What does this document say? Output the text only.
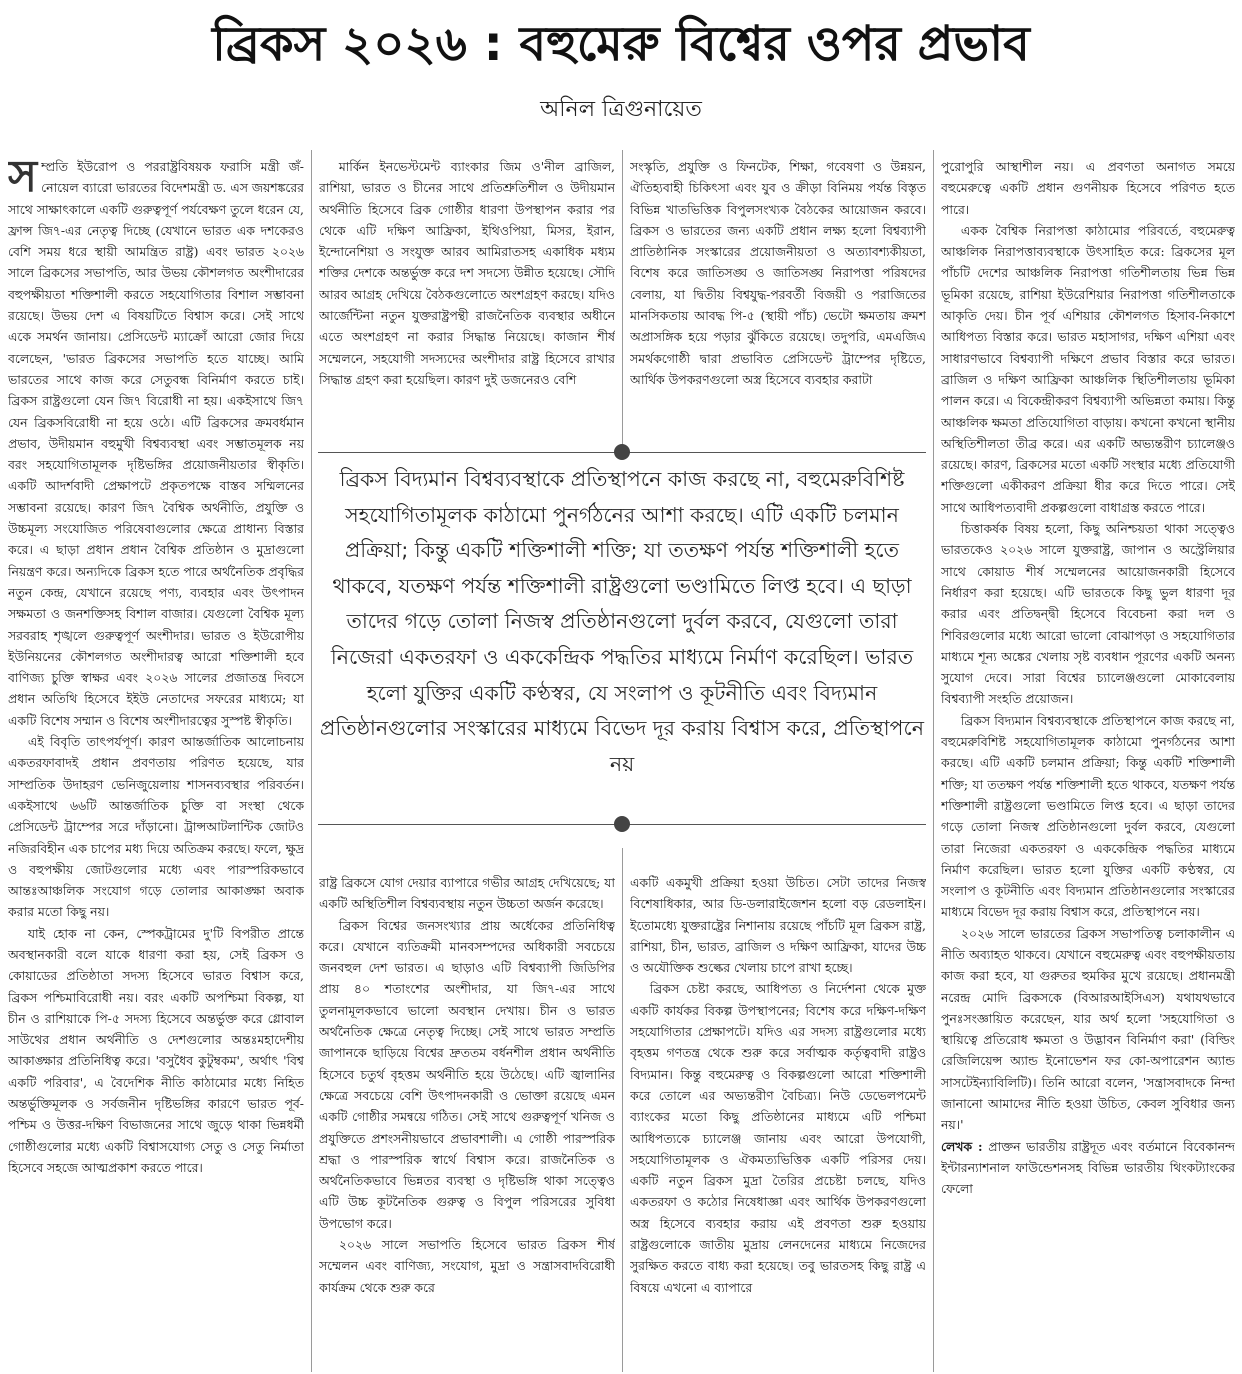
ব্রিকস ২০২৬ : বহুমেরু বিশ্বের ওপর প্রভাব
অনিল ত্রিগুনায়েত

সম্প্রতি ইউরোপ ও পররাষ্ট্রবিষয়ক ফরাসি মন্ত্রী জঁ- নোয়েল ব্যারো ভারতের বিদেশমন্ত্রী ড. এস জয়শঙ্করের সাথে সাক্ষাৎকালে একটি গুরুত্বপূর্ণ পর্যবেক্ষণ তুলে ধরেন যে, ফ্রান্স জি৭-এর নেতৃত্ব দিচ্ছে (যেখানে ভারত এক দশকেরও বেশি সময় ধরে স্থায়ী আমন্ত্রিত রাষ্ট্র) এবং ভারত ২০২৬ সালে ব্রিকসের সভাপতি, আর উভয় কৌশলগত অংশীদারের বহুপক্ষীয়তা শক্তিশালী করতে সহযোগিতার বিশাল সম্ভাবনা রয়েছে। উভয় দেশ এ বিষয়টিতে বিশ্বাস করে। সেই সাথে একে সমর্থন জানায়। প্রেসিডেন্ট ম্যাক্রোঁ আরো জোর দিয়ে বলেছেন, 'ভারত ব্রিকসের সভাপতি হতে যাচ্ছে। আমি ভারতের সাথে কাজ করে সেতুবন্ধ বিনির্মাণ করতে চাই। ব্রিকস রাষ্ট্রগুলো যেন জি৭ বিরোধী না হয়। একইসাথে জি৭ যেন ব্রিকসবিরোধী না হয়ে ওঠে। এটি ব্রিকসের ক্রমবর্ধমান প্রভাব, উদীয়মান বহুমুখী বিশ্বব্যবস্থা এবং সম্ভাতমূলক নয় বরং সহযোগিতামূলক দৃষ্টিভঙ্গির প্রয়োজনীয়তার স্বীকৃতি। একটি আদর্শবাদী প্রেক্ষাপটে প্রকৃতপক্ষে বাস্তব সম্মিলনের সম্ভাবনা রয়েছে। কারণ জি৭ বৈশ্বিক অর্থনীতি, প্রযুক্তি ও উচ্চমূল্য সংযোজিত পরিষেবাগুলোর ক্ষেত্রে প্রাধান্য বিস্তার করে। এ ছাড়া প্রধান প্রধান বৈশ্বিক প্রতিষ্ঠান ও মুদ্রাগুলো নিয়ন্ত্রণ করে। অন্যদিকে ব্রিকস হতে পারে অর্থনৈতিক প্রবৃদ্ধির নতুন কেন্দ্র, যেখানে রয়েছে পণ্য, ব্যবহার এবং উৎপাদন সক্ষমতা ও জনশক্তিসহ বিশাল বাজার। যেগুলো বৈশ্বিক মূল্য সরবরাহ শৃঙ্খলে গুরুত্বপূর্ণ অংশীদার। ভারত ও ইউরোপীয় ইউনিয়নের কৌশলগত অংশীদারত্ব আরো শক্তিশালী হবে বাণিজ্য চুক্তি স্বাক্ষর এবং ২০২৬ সালের প্রজাতন্ত্র দিবসে প্রধান অতিথি হিসেবে ইইউ নেতাদের সফরের মাধ্যমে; যা একটি বিশেষ সম্মান ও বিশেষ অংশীদারত্বের সুস্পষ্ট স্বীকৃতি।

এই বিবৃতি তাৎপর্যপূর্ণ। কারণ আন্তর্জাতিক আলোচনায় একতরফাবাদই প্রধান প্রবণতায় পরিণত হয়েছে, যার সাম্প্রতিক উদাহরণ ভেনিজুয়েলায় শাসনব্যবস্থার পরিবর্তন। একইসাথে ৬৬টি আন্তর্জাতিক চুক্তি বা সংস্থা থেকে প্রেসিডেন্ট ট্রাম্পের সরে দাঁড়ানো। ট্রান্সআটলান্টিক জোটও নজিরবিহীন এক চাপের মধ্য দিয়ে অতিক্রম করছে। ফলে, ক্ষুদ্র ও বহুপক্ষীয় জোটগুলোর মধ্যে এবং পারস্পরিকভাবে আন্তঃআঞ্চলিক সংযোগ গড়ে তোলার আকাঙ্ক্ষা অবাক করার মতো কিছু নয়।

যাই হোক না কেন, স্পেকট্রামের দু'টি বিপরীত প্রান্তে অবস্থানকারী বলে যাকে ধারণা করা হয়, সেই ব্রিকস ও কোয়াডের প্রতিষ্ঠাতা সদস্য হিসেবে ভারত বিশ্বাস করে, ব্রিকস পশ্চিমাবিরোধী নয়। বরং একটি অপশ্চিমা বিকল্প, যা চীন ও রাশিয়াকে পি-৫ সদস্য হিসেবে অন্তর্ভুক্ত করে গ্লোবাল সাউথের প্রধান অর্থনীতি ও দেশগুলোর অন্তঃমহাদেশীয় আকাঙ্ক্ষার প্রতিনিধিত্ব করে। 'বসুধৈব কুটুম্বকম', অর্থাৎ 'বিশ্ব একটি পরিবার', এ বৈদেশিক নীতি কাঠামোর মধ্যে নিহিত অন্তর্ভুক্তিমূলক ও সর্বজনীন দৃষ্টিভঙ্গির কারণে ভারত পূর্ব-পশ্চিম ও উত্তর-দক্ষিণ বিভাজনের সাথে জুড়ে থাকা ভিন্নধর্মী গোষ্ঠীগুলোর মধ্যে একটি বিশ্বাসযোগ্য সেতু ও সেতু নির্মাতা হিসেবে সহজে আত্মপ্রকাশ করতে পারে।

মার্কিন ইনভেস্টমেন্ট ব্যাংকার জিম ও'নীল ব্রাজিল, রাশিয়া, ভারত ও চীনের সাথে প্রতিশ্রুতিশীল ও উদীয়মান অর্থনীতি হিসেবে ব্রিক গোষ্ঠীর ধারণা উপস্থাপন করার পর থেকে এটি দক্ষিণ আফ্রিকা, ইথিওপিয়া, মিসর, ইরান, ইন্দোনেশিয়া ও সংযুক্ত আরব আমিরাতসহ একাধিক মধ্যম শক্তির দেশকে অন্তর্ভুক্ত করে দশ সদস্যে উন্নীত হয়েছে। সৌদি আরব আগ্রহ দেখিয়ে বৈঠকগুলোতে অংশগ্রহণ করছে। যদিও আর্জেন্টিনা নতুন যুক্তরাষ্ট্রপন্থী রাজনৈতিক ব্যবস্থার অধীনে এতে অংশগ্রহণ না করার সিদ্ধান্ত নিয়েছে। কাজান শীর্ষ সম্মেলনে, সহযোগী সদস্যদের অংশীদার রাষ্ট্র হিসেবে রাখার সিদ্ধান্ত গ্রহণ করা হয়েছিল। কারণ দুই ডজনেরও বেশি

সংস্কৃতি, প্রযুক্তি ও ফিনটেক, শিক্ষা, গবেষণা ও উন্নয়ন, ঐতিহ্যবাহী চিকিৎসা এবং যুব ও ক্রীড়া বিনিময় পর্যন্ত বিস্তৃত বিভিন্ন খাতভিত্তিক বিপুলসংখ্যক বৈঠকের আয়োজন করবে। ব্রিকস ও ভারতের জন্য একটি প্রধান লক্ষ্য হলো বিশ্বব্যাপী প্রাতিষ্ঠানিক সংস্কারের প্রয়োজনীয়তা ও অত্যাবশ্যকীয়তা, বিশেষ করে জাতিসঙ্ঘ ও জাতিসঙ্ঘ নিরাপত্তা পরিষদের বেলায়, যা দ্বিতীয় বিশ্বযুদ্ধ-পরবর্তী বিজয়ী ও পরাজিতের মানসিকতায় আবদ্ধ পি-৫ (স্থায়ী পাঁচ) ভেটো ক্ষমতায় ক্রমশ অপ্রাসঙ্গিক হয়ে পড়ার ঝুঁকিতে রয়েছে। তদুপরি, এমএজিএ সমর্থকগোষ্ঠী দ্বারা প্রভাবিত প্রেসিডেন্ট ট্রাম্পের দৃষ্টিতে, আর্থিক উপকরণগুলো অস্ত্র হিসেবে ব্যবহার করাটা

ব্রিকস বিদ্যমান বিশ্বব্যবস্থাকে প্রতিস্থাপনে কাজ করছে না, বহুমেরুবিশিষ্ট সহযোগিতামূলক কাঠামো পুনর্গঠনের আশা করছে। এটি একটি চলমান প্রক্রিয়া; কিন্তু একটি শক্তিশালী শক্তি; যা ততক্ষণ পর্যন্ত শক্তিশালী হতে থাকবে, যতক্ষণ পর্যন্ত শক্তিশালী রাষ্ট্রগুলো ভণ্ডামিতে লিপ্ত হবে। এ ছাড়া তাদের গড়ে তোলা নিজস্ব প্রতিষ্ঠানগুলো দুর্বল করবে, যেগুলো তারা নিজেরা একতরফা ও এককেন্দ্রিক পদ্ধতির মাধ্যমে নির্মাণ করেছিল। ভারত হলো যুক্তির একটি কণ্ঠস্বর, যে সংলাপ ও কূটনীতি এবং বিদ্যমান প্রতিষ্ঠানগুলোর সংস্কারের মাধ্যমে বিভেদ দূর করায় বিশ্বাস করে, প্রতিস্থাপনে নয়

রাষ্ট্র ব্রিকসে যোগ দেয়ার ব্যাপারে গভীর আগ্রহ দেখিয়েছে; যা একটি অস্থিতিশীল বিশ্বব্যবস্থায় নতুন উচ্চতা অর্জন করেছে।

ব্রিকস বিশ্বের জনসংখ্যার প্রায় অর্ধেকের প্রতিনিধিত্ব করে। যেখানে ব্যতিক্রমী মানবসম্পদের অধিকারী সবচেয়ে জনবহুল দেশ ভারত। এ ছাড়াও এটি বিশ্বব্যাপী জিডিপির প্রায় ৪০ শতাংশের অংশীদার, যা জি৭-এর সাথে তুলনামূলকভাবে ভালো অবস্থান দেখায়। চীন ও ভারত অর্থনৈতিক ক্ষেত্রে নেতৃত্ব দিচ্ছে। সেই সাথে ভারত সম্প্রতি জাপানকে ছাড়িয়ে বিশ্বের দ্রুততম বর্ধনশীল প্রধান অর্থনীতি হিসেবে চতুর্থ বৃহত্তম অর্থনীতি হয়ে উঠেছে। এটি জ্বালানির ক্ষেত্রে সবচেয়ে বেশি উৎপাদনকারী ও ভোক্তা রয়েছে এমন একটি গোষ্ঠীর সমন্বয়ে গঠিত। সেই সাথে গুরুত্বপূর্ণ খনিজ ও প্রযুক্তিতে প্রশংসনীয়ভাবে প্রভাবশালী। এ গোষ্ঠী পারস্পরিক শ্রদ্ধা ও পারস্পরিক স্বার্থে বিশ্বাস করে। রাজনৈতিক ও অর্থনৈতিকভাবে ভিন্নতর ব্যবস্থা ও দৃষ্টিভঙ্গি থাকা সত্ত্বেও এটি উচ্চ কূটনৈতিক গুরুত্ব ও বিপুল পরিসরের সুবিধা উপভোগ করে।

২০২৬ সালে সভাপতি হিসেবে ভারত ব্রিকস শীর্ষ সম্মেলন এবং বাণিজ্য, সংযোগ, মুদ্রা ও সন্ত্রাসবাদবিরোধী কার্যক্রম থেকে শুরু করে

একটি একমুখী প্রক্রিয়া হওয়া উচিত। সেটা তাদের নিজস্ব বিশেষাধিকার, আর ডি-ডলারাইজেশন হলো বড় রেডলাইন। ইতোমধ্যে যুক্তরাষ্ট্রের নিশানায় রয়েছে পাঁচটি মূল ব্রিকস রাষ্ট্র, রাশিয়া, চীন, ভারত, ব্রাজিল ও দক্ষিণ আফ্রিকা, যাদের উচ্চ ও অযৌক্তিক শুল্কের খেলায় চাপে রাখা হচ্ছে।

ব্রিকস চেষ্টা করছে, আধিপত্য ও নির্দেশনা থেকে মুক্ত একটি কার্যকর বিকল্প উপস্থাপনের; বিশেষ করে দক্ষিণ-দক্ষিণ সহযোগিতার প্রেক্ষাপটে। যদিও এর সদস্য রাষ্ট্রগুলোর মধ্যে বৃহত্তম গণতন্ত্র থেকে শুরু করে সর্বাত্মক কর্তৃত্ববাদী রাষ্ট্রও বিদ্যমান। কিন্তু বহুমেরুত্ব ও বিকল্পগুলো আরো শক্তিশালী করে তোলে এর অভ্যন্তরীণ বৈচিত্র্য। নিউ ডেভেলপমেন্ট ব্যাংকের মতো কিছু প্রতিষ্ঠানের মাধ্যমে এটি পশ্চিমা আধিপত্যকে চ্যালেঞ্জ জানায় এবং আরো উপযোগী, সহযোগিতামূলক ও ঐকমত্যভিত্তিক একটি পরিসর দেয়। একটি নতুন ব্রিকস মুদ্রা তৈরির প্রচেষ্টা চলছে, যদিও একতরফা ও কঠোর নিষেধাজ্ঞা এবং আর্থিক উপকরণগুলো অস্ত্র হিসেবে ব্যবহার করায় এই প্রবণতা শুরু হওয়ায় রাষ্ট্রগুলোকে জাতীয় মুদ্রায় লেনদেনের মাধ্যমে নিজেদের সুরক্ষিত করতে বাধ্য করা হয়েছে। তবু ভারতসহ কিছু রাষ্ট্র এ বিষয়ে এখনো এ ব্যাপারে

পুরোপুরি আস্থাশীল নয়। এ প্রবণতা অনাগত সময়ে বহুমেরুত্বে একটি প্রধান গুণনীয়ক হিসেবে পরিণত হতে পারে।

একক বৈশ্বিক নিরাপত্তা কাঠামোর পরিবর্তে, বহুমেরুত্ব আঞ্চলিক নিরাপত্তাব্যবস্থাকে উৎসাহিত করে: ব্রিকসের মূল পাঁচটি দেশের আঞ্চলিক নিরাপত্তা গতিশীলতায় ভিন্ন ভিন্ন ভূমিকা রয়েছে, রাশিয়া ইউরেশিয়ার নিরাপত্তা গতিশীলতাকে আকৃতি দেয়। চীন পূর্ব এশিয়ার কৌশলগত হিসাব-নিকাশে আধিপত্য বিস্তার করে। ভারত মহাসাগর, দক্ষিণ এশিয়া এবং সাধারণভাবে বিশ্বব্যাপী দক্ষিণে প্রভাব বিস্তার করে ভারত। ব্রাজিল ও দক্ষিণ আফ্রিকা আঞ্চলিক স্থিতিশীলতায় ভূমিকা পালন করে। এ বিকেন্দ্রীকরণ বিশ্বব্যাপী অভিন্নতা কমায়। কিন্তু আঞ্চলিক ক্ষমতা প্রতিযোগিতা বাড়ায়। কখনো কখনো স্থানীয় অস্থিতিশীলতা তীব্র করে। এর একটি অভ্যন্তরীণ চ্যালেঞ্জও রয়েছে। কারণ, ব্রিকসের মতো একটি সংস্থার মধ্যে প্রতিযোগী শক্তিগুলো একীকরণ প্রক্রিয়া ধীর করে দিতে পারে। সেই সাথে আধিপত্যবাদী প্রকল্পগুলো বাধাগ্রস্ত করতে পারে।

চিত্তাকর্ষক বিষয় হলো, কিছু অনিশ্চয়তা থাকা সত্ত্বেও ভারতকেও ২০২৬ সালে যুক্তরাষ্ট্র, জাপান ও অস্ট্রেলিয়ার সাথে কোয়াড শীর্ষ সম্মেলনের আয়োজনকারী হিসেবে নির্ধারণ করা হয়েছে। এটি ভারতকে কিছু ভুল ধারণা দূর করার এবং প্রতিদ্বন্দ্বী হিসেবে বিবেচনা করা দল ও শিবিরগুলোর মধ্যে আরো ভালো বোঝাপড়া ও সহযোগিতার মাধ্যমে শূন্য অঙ্কের খেলায় সৃষ্ট ব্যবধান পূরণের একটি অনন্য সুযোগ দেবে। সারা বিশ্বের চ্যালেঞ্জগুলো মোকাবেলায় বিশ্বব্যাপী সংহতি প্রয়োজন।

ব্রিকস বিদ্যমান বিশ্বব্যবস্থাকে প্রতিস্থাপনে কাজ করছে না, বহুমেরুবিশিষ্ট সহযোগিতামূলক কাঠামো পুনর্গঠনের আশা করছে। এটি একটি চলমান প্রক্রিয়া; কিন্তু একটি শক্তিশালী শক্তি; যা ততক্ষণ পর্যন্ত শক্তিশালী হতে থাকবে, যতক্ষণ পর্যন্ত শক্তিশালী রাষ্ট্রগুলো ভণ্ডামিতে লিপ্ত হবে। এ ছাড়া তাদের গড়ে তোলা নিজস্ব প্রতিষ্ঠানগুলো দুর্বল করবে, যেগুলো তারা নিজেরা একতরফা ও এককেন্দ্রিক পদ্ধতির মাধ্যমে নির্মাণ করেছিল। ভারত হলো যুক্তির একটি কণ্ঠস্বর, যে সংলাপ ও কূটনীতি এবং বিদ্যমান প্রতিষ্ঠানগুলোর সংস্কারের মাধ্যমে বিভেদ দূর করায় বিশ্বাস করে, প্রতিস্থাপনে নয়।

২০২৬ সালে ভারতের ব্রিকস সভাপতিত্ব চলাকালীন এ নীতি অব্যাহত থাকবে। যেখানে বহুমেরুত্ব এবং বহুপক্ষীয়তায় কাজ করা হবে, যা গুরুতর হুমকির মুখে রয়েছে। প্রধানমন্ত্রী নরেন্দ্র মোদি ব্রিকসকে (বিআরআইসিএস) যথাযথভাবে পুনঃসংজ্ঞায়িত করেছেন, যার অর্থ হলো 'সহযোগিতা ও স্থায়িত্বে প্রতিরোধ ক্ষমতা ও উদ্ভাবন বিনির্মাণ করা' (বিল্ডিং রেজিলিয়েন্স অ্যান্ড ইনোভেশন ফর কো-অপারেশন অ্যান্ড সাসটেইন্যাবিলিটি)। তিনি আরো বলেন, 'সন্ত্রাসবাদকে নিন্দা জানানো আমাদের নীতি হওয়া উচিত, কেবল সুবিধার জন্য নয়।'

লেখক : প্রাক্তন ভারতীয় রাষ্ট্রদূত এবং বর্তমানে বিবেকানন্দ ইন্টারন্যাশনাল ফাউন্ডেশনসহ বিভিন্ন ভারতীয় থিংকট্যাংকের ফেলো
